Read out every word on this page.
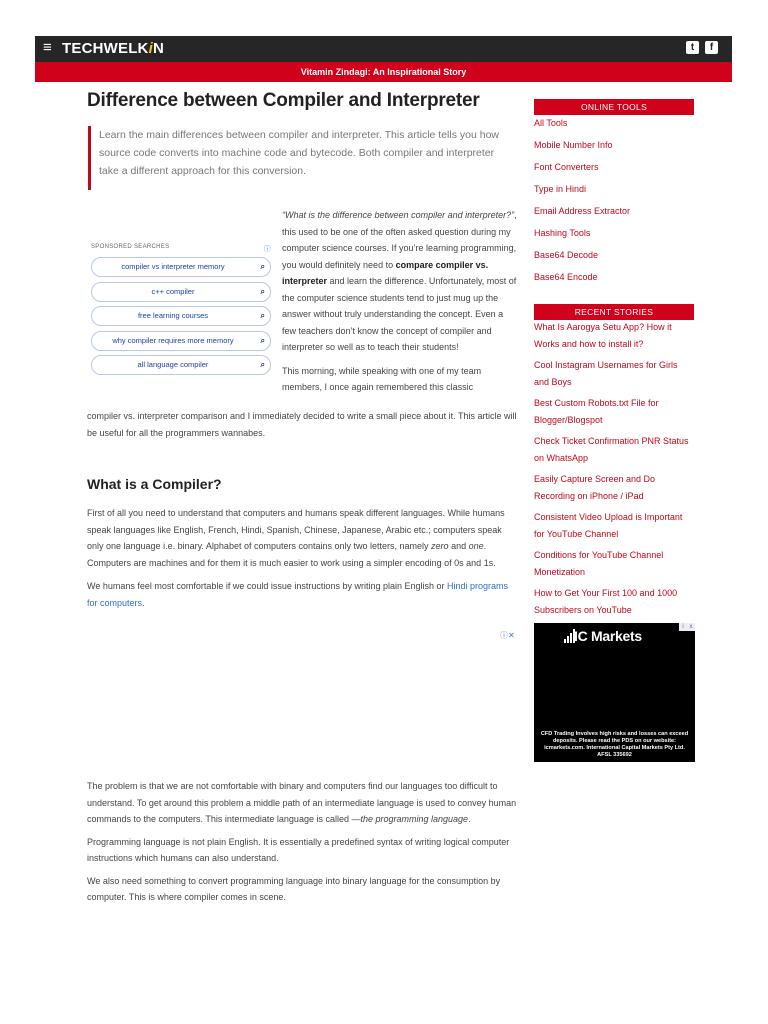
≡ TECHWELKiN	t	f
Vitamin Zindagi: An Inspirational Story
Difference between Compiler and Interpreter
Learn the main differences between compiler and interpreter. This article tells you how source code converts into machine code and bytecode. Both compiler and interpreter take a different approach for this conversion.
SPONSORED SEARCHES	ⓘ
compiler vs interpreter memory	⌕
c++ compiler	⌕
free learning courses	⌕
why compiler requires more memory	⌕
all language compiler	⌕

“What is the difference between compiler and interpreter?”, this used to be one of the often asked question during my computer science courses. If you’re learning programming, you would definitely need to compare compiler vs. interpreter and learn the difference. Unfortunately, most of the computer science students tend to just mug up the answer without truly understanding the concept. Even a few teachers don’t know the concept of compiler and interpreter so well as to teach their students!

This morning, while speaking with one of my team members, I once again remembered this classic

compiler vs. interpreter comparison and I immediately decided to write a small piece about it. This article will be useful for all the programmers wannabes.
What is a Compiler?

First of all you need to understand that computers and humans speak different languages. While humans speak languages like English, French, Hindi, Spanish, Chinese, Japanese, Arabic etc.; computers speak only one language i.e. binary. Alphabet of computers contains only two letters, namely zero and one. Computers are machines and for them it is much easier to work using a simpler encoding of 0s and 1s.

We humans feel most comfortable if we could issue instructions by writing plain English or Hindi programs for computers.

ⓘ✕

The problem is that we are not comfortable with binary and computers find our languages too difficult to understand. To get around this problem a middle path of an intermediate language is used to convey human commands to the computers. This intermediate language is called —the programming language.

Programming language is not plain English. It is essentially a predefined syntax of writing logical computer instructions which humans can also understand.

We also need something to convert programming language into binary language for the consumption by computer. This is where compiler comes in scene.

ONLINE TOOLS
All Tools
Mobile Number Info
Font Converters
Type in Hindi
Email Address Extractor
Hashing Tools
Base64 Decode
Base64 Encode
RECENT STORIES
What Is Aarogya Setu App? How it Works and how to install it?
Cool Instagram Usernames for Girls and Boys
Best Custom Robots.txt File for Blogger/Blogspot
Check Ticket Confirmation PNR Status on WhatsApp
Easily Capture Screen and Do Recording on iPhone / iPad
Consistent Video Upload is Important for YouTube Channel
Conditions for YouTube Channel Monetization
How to Get Your First 100 and 1000 Subscribers on YouTube
i x
IC Markets
CFD Trading Involves high risks and losses can exceed deposits. Please read the PDS on our website: icmarkets.com. International Capital Markets Pty Ltd. AFSL 335692
